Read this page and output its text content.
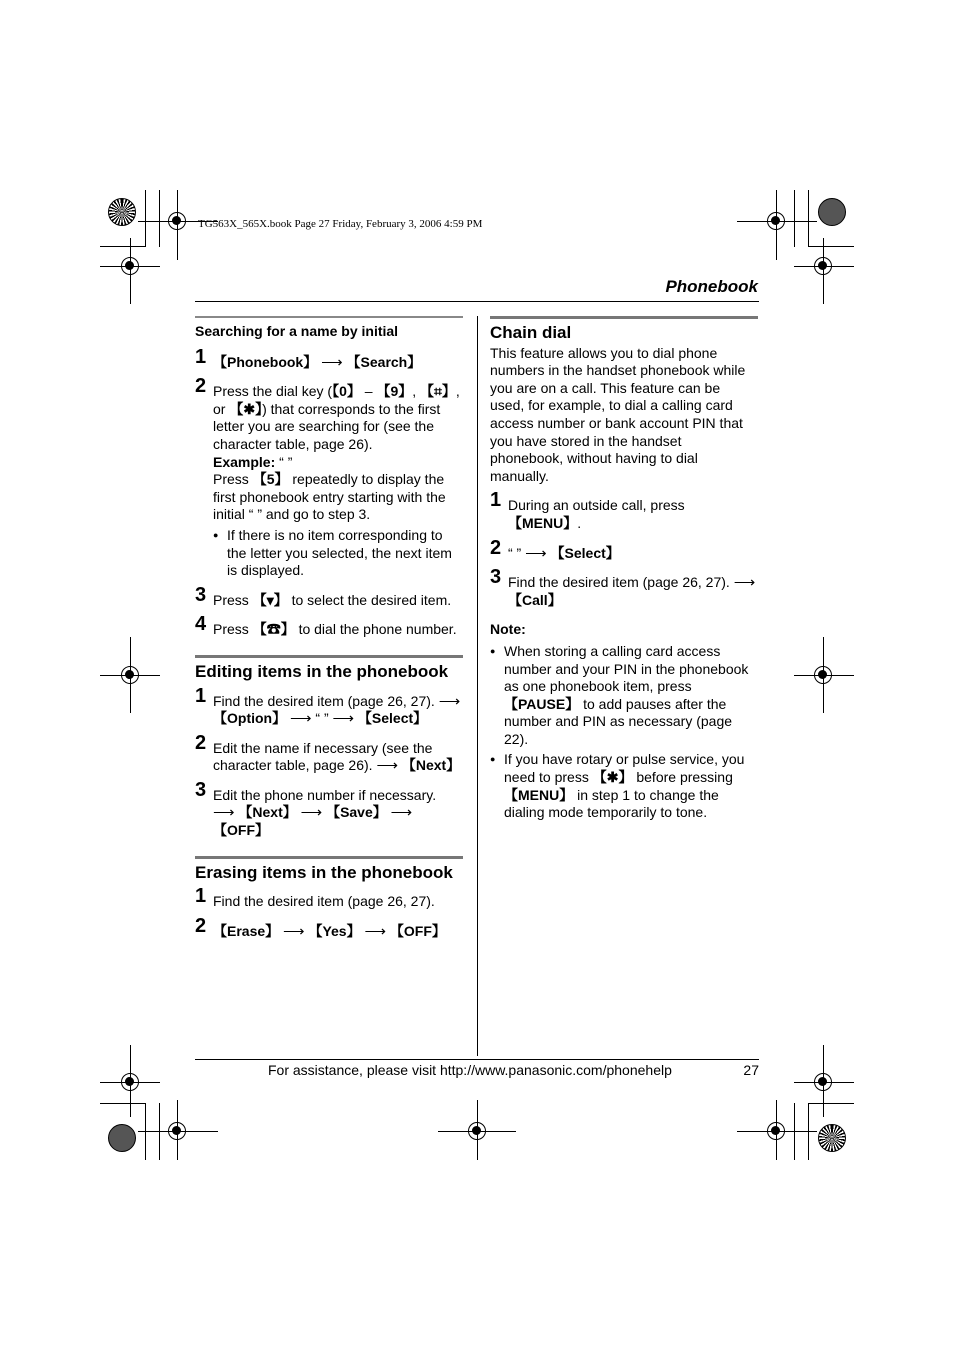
TG563X_565X.book Page 27 Friday, February 3, 2006 4:59 PM
Phonebook
Searching for a name by initial
1 【Phonebook】 ⟶ 【Search】
2 Press the dial key (【0】 – 【9】, 【⌗】, or 【✱】) that corresponds to the first letter you are searching for (see the character table, page 26).
Example: “ ”
Press 【5】 repeatedly to display the first phonebook entry starting with the initial “ ” and go to step 3.
● If there is no item corresponding to the letter you selected, the next item is displayed.
3 Press 【▾】 to select the desired item.
4 Press 【☎】 to dial the phone number.
Editing items in the phonebook
1 Find the desired item (page 26, 27). ⟶ 【Option】 ⟶ “ ” ⟶ 【Select】
2 Edit the name if necessary (see the character table, page 26). ⟶ 【Next】
3 Edit the phone number if necessary.
⟶ 【Next】 ⟶ 【Save】 ⟶ 【OFF】
Erasing items in the phonebook
1 Find the desired item (page 26, 27).
2 【Erase】 ⟶ 【Yes】 ⟶ 【OFF】
Chain dial
This feature allows you to dial phone numbers in the handset phonebook while you are on a call. This feature can be used, for example, to dial a calling card access number or bank account PIN that you have stored in the handset phonebook, without having to dial manually.
1 During an outside call, press 【MENU】.
2 “ ” ⟶ 【Select】
3 Find the desired item (page 26, 27). ⟶ 【Call】
Note:
● When storing a calling card access number and your PIN in the phonebook as one phonebook item, press 【PAUSE】 to add pauses after the number and PIN as necessary (page 22).
● If you have rotary or pulse service, you need to press 【✱】 before pressing 【MENU】 in step 1 to change the dialing mode temporarily to tone.
For assistance, please visit http://www.panasonic.com/phonehelp	27
